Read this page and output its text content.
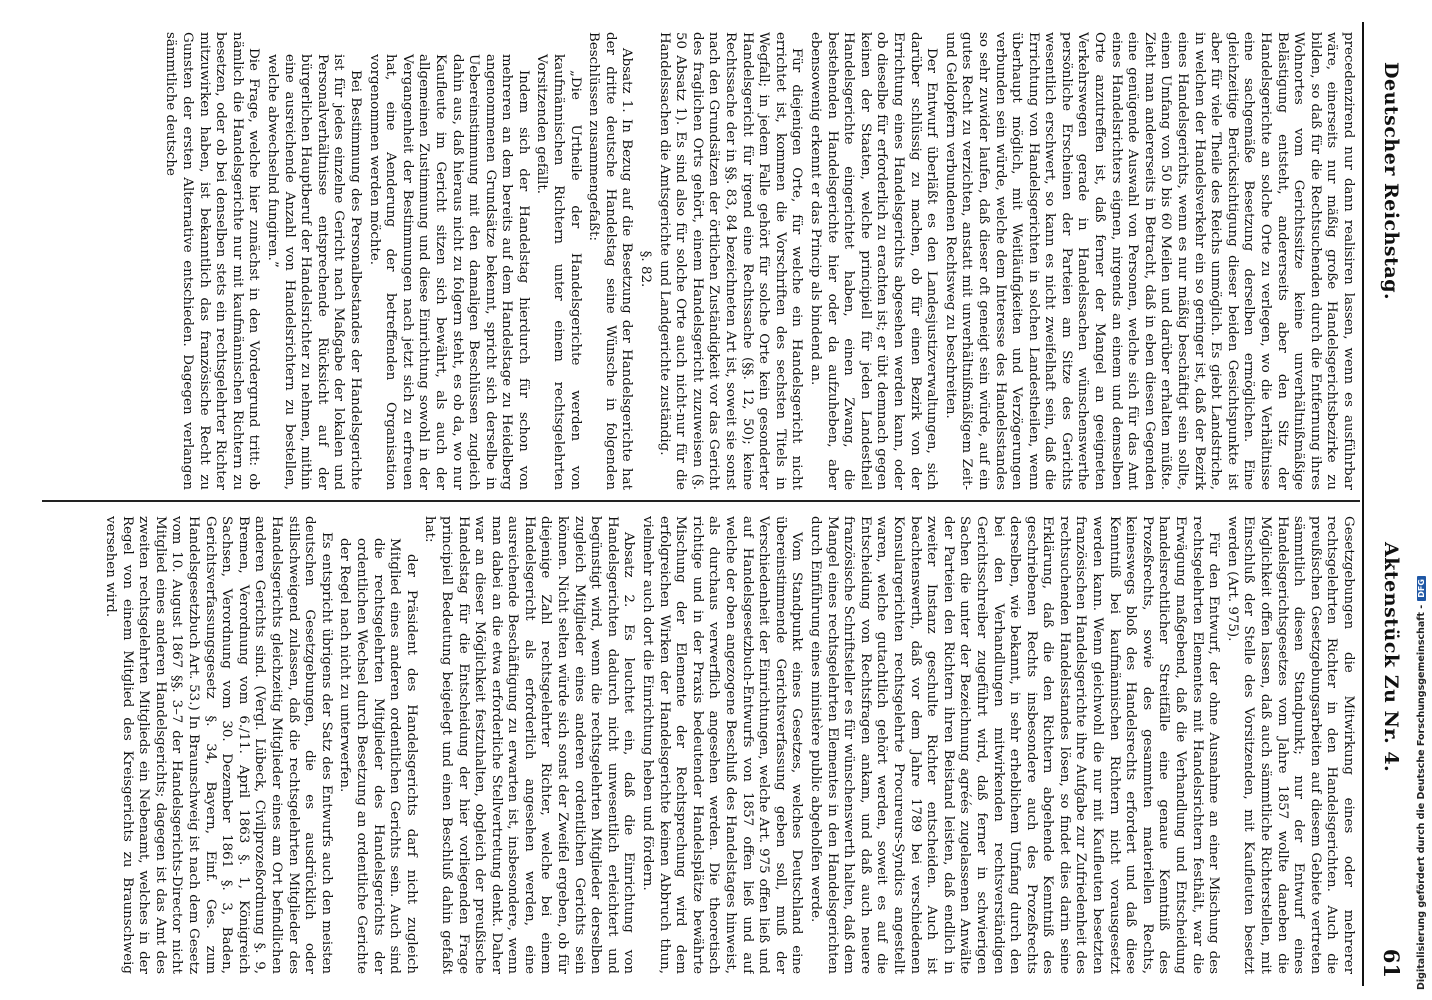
Deutscher Reichstag.
Aktenstück Zu Nr. 4.
61

precedenzirend nur dann realisiren lassen, wenn es ausführbar wäre, einerseits nur mäßig große Handelsgerichtsbezirke zu bilden, so daß für die Rechtsuchenden durch die Entfernung ihres Wohnortes vom Gerichtssitze keine unverhältnißmäßige Belästigung entsteht, andererseits aber den Sitz der Handelsgerichte an solche Orte zu verlegen, wo die Verhältnisse eine sachgemäße Besetzung derselben ermöglichen. Eine gleichzeitige Berücksichtigung dieser beiden Gesichtspunkte ist aber für viele Theile des Reichs unmöglich. Es giebt Landstriche, in welchen der Handelsverkehr ein so geringer ist, daß der Bezirk eines Handelsgerichts, wenn es nur mäßig beschäftigt sein sollte, einen Umfang von 50 bis 60 Meilen und darüber erhalten müßte. Zieht man andererseits in Betracht, daß in eben diesen Gegenden eine genügende Auswahl von Personen, welche sich für das Amt eines Handelsrichters eignen, nirgends an einem und demselben Orte anzutreffen ist, daß ferner der Mangel an geeigneten Verkehrswegen gerade in Handelssachen wünschenswerthe persönliche Erscheinen der Parteien am Sitze des Gerichts wesentlich erschwert, so kann es nicht zweifelhaft sein, daß die Errichtung von Handelsgerichten in solchen Landestheilen, wenn überhaupt möglich, mit Weitläufigkeiten und Verzögerungen verbunden sein würde, welche dem Interesse des Handelsstandes so sehr zuwider laufen, daß dieser oft geneigt sein würde, auf ein gutes Recht zu verzichten, anstatt mit unverhältnißmäßigem Zeit- und Geldopfern verbundenen Rechtsweg zu beschreiten.

Der Entwurf überläßt es den Landesjustizverwaltungen, sich darüber schlüssig zu machen, ob für einen Bezirk von der Errichtung eines Handelsgerichts abgesehen werden kann, oder ob dieselbe für erforderlich zu erachten ist; er übt demnach gegen keinen der Staaten, welche principiell für jeden Landestheil Handelsgerichte eingerichtet haben, einen Zwang, die bestehenden Handelsgerichte hier oder da aufzuheben, aber ebensowenig erkennt er das Princip als bindend an.

Für diejenigen Orte, für welche ein Handelsgericht nicht errichtet ist, kommen die Vorschriften des sechsten Titels in Wegfall; in jedem Falle gehört für solche Orte kein gesonderter Handelsgericht für irgend eine Rechtssache (§§. 12, 50); keine Rechtssache der in §§. 83, 84 bezeichneten Art ist, soweit sie sonst nach den Grundsätzen der örtlichen Zuständigkeit vor das Gericht des fraglichen Orts gehört, einem Handelsgericht zuzuweisen (§. 50 Absatz 1). Es sind also für solche Orte auch nicht-nur für die Handelssachen die Amtsgerichte und Landgerichte zuständig.

§. 82.

Absatz 1. In Bezug auf die Besetzung der Handelsgerichte hat der dritte deutsche Handelstag seine Wünsche in folgenden Beschlüssen zusammengefaßt:

„Die Urtheile der Handelsgerichte werden von kaufmännischen Richtern unter einem rechtsgelehrten Vorsitzenden gefällt.

Indem sich der Handelstag hierdurch für schon von mehreren an dem bereits auf dem Handelstage zu Heidelberg angenommenen Grundsätze bekennt, spricht sich derselbe in Uebereinstimmung mit den damaligen Beschlüssen zugleich dahin aus, daß hieraus nicht zu folgern steht, es ob da, wo nur Kaufleute im Gericht sitzen sich bewährt, als auch der allgemeinen Zustimmung und diese Einrichtung sowohl in der Vergangenheit der Bestimmungen nach jetzt sich zu erfreuen hat, eine Aenderung der betreffenden Organisation vorgenommen werden möchte.

Bei Bestimmung des Personalbestandes der Handelsgerichte ist für jedes einzelne Gericht nach Maßgabe der lokalen und Personalverhältnisse entsprechende Rücksicht auf der bürgerlichen Hauptberuf der Handelsrichter zu nehmen, mithin eine ausreichende Anzahl von Handelsrichtern zu bestellen, welche abwechselnd fungiren.”

Die Frage, welche hier zunächst in den Vordergrund tritt: ob nämlich die Handelsgerichte nur mit kaufmännischen Richtern zu besetzen, oder ob bei denselben stets ein rechtsgelehrter Richter mitzuwirken haben, ist bekanntlich das französische Recht zu Gunsten der ersten Alternative entschieden. Dagegen verlangen sämmtliche deutsche

Gesetzgebungen die Mitwirkung eines oder mehrerer rechtsgelehrten Richter in den Handelsgerichten. Auch die preußischen Gesetzgebungsarbeiten auf diesem Gebiete vertreten sämmtlich diesen Standpunkt; nur der Entwurf eines Handelsgerichtsgesetzes vom Jahre 1857 wollte daneben die Möglichkeit offen lassen, daß auch sämmtliche Richterstellen, mit Einschluß der Stelle des Vorsitzenden, mit Kaufleuten besetzt werden (Art. 975).

Für den Entwurf, der ohne Ausnahme an einer Mischung des rechtsgelehrten Elementes mit Handelsrichtern festhält, war die Erwägung maßgebend, daß die Verhandlung und Entscheidung handelsrechtlicher Streitfälle eine genaue Kenntniß des Prozeßrechts, sowie des gesammten materiellen Rechts, keineswegs bloß des Handelsrechts erfordert und daß diese Kenntniß bei kaufmännischen Richtern nicht vorausgesetzt werden kann. Wenn gleichwohl die nur mit Kaufleuten besetzten französischen Handelsgerichte ihre Aufgabe zur Zufriedenheit des rechtsuchenden Handelsstandes lösen, so findet dies darin seine Erklärung, daß die den Richtern abgehende Kenntniß des geschriebenen Rechts insbesondere auch des Prozeßrechts derselben, wie bekannt, in sehr erheblichem Umfang durch den bei den Verhandlungen mitwirkenden rechtsverständigen Gerichtsschreiber zugeführt wird, daß ferner in schwierigen Sachen die unter der Bezeichnung agréés zugelassenen Anwälte der Parteien den Richtern ihren Beistand leisten, daß endlich in zweiter Instanz geschulte Richter entscheiden. Auch ist beachtenswerth, daß vor dem Jahre 1789 bei verschiedenen Konsulargerichten rechtsgelehrte Procureurs-Syndics angestellt waren, welche gutachtlich gehört werden, soweit es auf die Entscheidung von Rechtsfragen ankam, und daß auch neuere französische Schriftsteller es für wünschenswerth halten, daß dem Mangel eines rechtsgelehrten Elementes in den Handelsgerichten durch Einführung eines ministère public abgeholfen werde.

Vom Standpunkt eines Gesetzes, welches Deutschland eine übereinstimmende Gerichtsverfassung geben soll, muß der Verschiedenheit der Einrichtungen, welche Art. 975 offen ließ und auf Handelsgesetzbuch-Entwurfs von 1857 offen ließ und auf welche der oben angezogene Beschluß des Handelstages hinweist, als durchaus verwerflich angesehen werden. Die theoretisch richtige und in der Praxis bedeutender Handelsplätze bewährte Mischung der Elemente der Rechtsprechung wird dem erfolgreichen Wirken der Handelsgerichte keinen Abbruch thun, vielmehr auch dort die Einrichtung heben und fördern.

Absatz 2. Es leuchtet ein, daß die Einrichtung von Handelsgerichten dadurch nicht unwesentlich erleichtert und begünstigt wird, wenn die rechtsgelehrten Mitglieder derselben zugleich Mitglieder eines anderen ordentlichen Gerichts sein können. Nicht selten würde sich sonst der Zweifel ergeben, ob für diejenige Zahl rechtsgelehrter Richter, welche bei einem Handelsgericht als erforderlich angesehen werden, eine ausreichende Beschäftigung zu erwarten ist, insbesondere, wenn man dabei an die etwa erforderliche Stellvertretung denkt. Daher war an dieser Möglichkeit festzuhalten, obgleich der preußische Handelstag für die Entscheidung der hier vorliegenden Frage principiell Bedeutung beigelegt und einen Beschluß dahin gefaßt hat:

der Präsident des Handelsgerichts darf nicht zugleich Mitglied eines anderen ordentlichen Gerichts sein. Auch sind die rechtsgelehrten Mitglieder des Handelsgerichts der ordentlichen Wechsel durch Besetzung an ordentliche Gerichte der Regel nach nicht zu unterwerfen.

Es entspricht übrigens der Satz des Entwurfs auch den meisten deutschen Gesetzgebungen, die es ausdrücklich oder stillschweigend zulassen, daß die rechtsgelehrten Mitglieder des Handelsgerichts gleichzeitig Mitglieder eines am Ort befindlichen anderen Gerichts sind. (Vergl. Lübeck, Civilprozeßordnung §. 9, Bremen, Verordnung vom 6./11. April 1863 §. 1, Königreich Sachsen, Verordnung vom 30. Dezember 1861 §. 3, Baden, Gerichtsverfassungsgesetz §. 34, Bayern, Einf. Ges. zum Handelsgesetzbuch Art. 53.) In Braunschweig ist nach dem Gesetz vom 10. August 1867 §§. 3–7 der Handelsgerichts-Director nicht Mitglied eines anderen Handelsgerichts; dagegen ist das Amt des zweiten rechtsgelehrten Mitglieds ein Nebenamt, welches in der Regel von einem Mitglied des Kreisgerichts zu Braunschweig versehen wird.

Digitalisierung gefördert durch die Deutsche Forschungsgemeinschaft -DFG
